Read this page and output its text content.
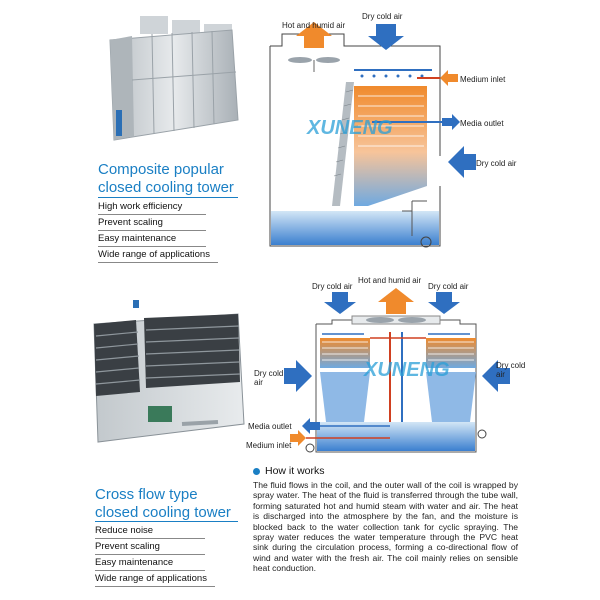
Composite popular
closed cooling tower
High work efficiency
Prevent scaling
Easy maintenance
Wide range of applications
XUNENG
Hot and humid air
Dry cold air
Medium inlet
Media outlet
Dry cold air
Cross flow type
closed cooling tower
Reduce noise
Prevent scaling
Easy maintenance
Wide range of applications
XUNENG
Hot and humid air
Dry cold air	Dry cold air
Dry cold
air
Dry cold
air
Media outlet
Medium inlet
How it works
The fluid flows in the coil, and the outer wall of the coil is wrapped by spray water. The heat of the fluid is transferred through the tube wall, forming saturated hot and humid steam with water and air. The heat is discharged into the atmosphere by the fan, and the moisture is blocked back to the water collection tank for cyclic spraying. The spray water reduces the water temperature through the PVC heat sink during the circulation process, forming a co-directional flow of wind and water with the fresh air. The coil mainly relies on sensible heat conduction.
